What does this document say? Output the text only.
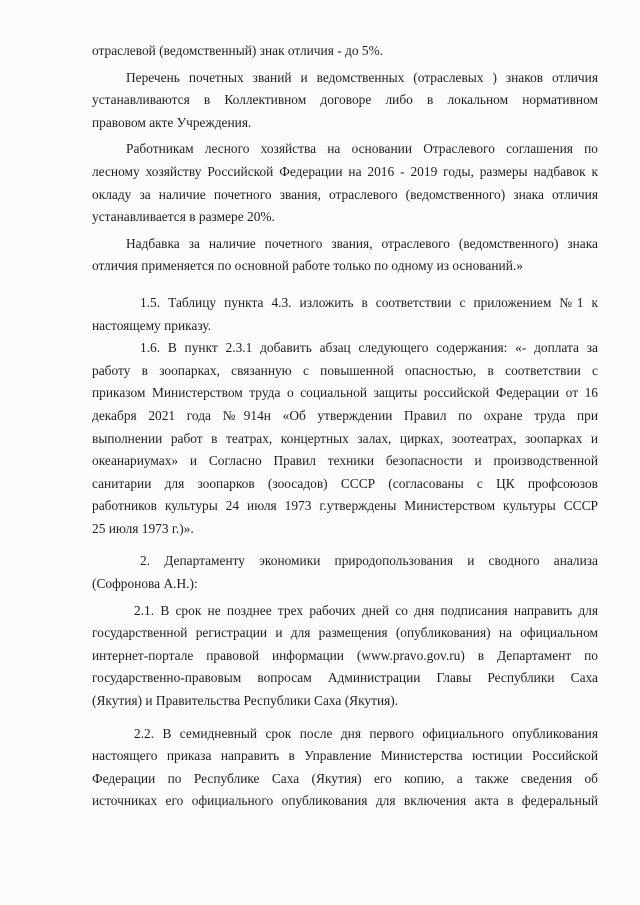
отраслевой (ведомственный) знак отличия - до 5%.

Перечень почетных званий и ведомственных (отраслевых ) знаков отличия
устанавливаются в Коллективном договоре либо в локальном нормативном
правовом акте Учреждения.

Работникам лесного хозяйства на основании Отраслевого соглашения по
лесному хозяйству Российской Федерации на 2016 - 2019 годы, размеры надбавок к
окладу за наличие почетного звания, отраслевого (ведомственного) знака отличия
устанавливается в размере 20%.

Надбавка за наличие почетного звания, отраслевого (ведомственного) знака
отличия применяется по основной работе только по одному из оснований.»

1.5. Таблицу пункта 4.3. изложить в соответствии с приложением №1 к
настоящему приказу.

1.6. В пункт 2.3.1 добавить абзац следующего содержания: «- доплата за
работу в зоопарках, связанную с повышенной опасностью, в соответствии с
приказом Министерством труда о социальной защиты российской Федерации от 16
декабря 2021 года №914н «Об утверждении Правил по охране труда при
выполнении работ в театрах, концертных залах, цирках, зоотеатрах, зоопарках и
океанариумах» и Согласно Правил техники безопасности и производственной
санитарии для зоопарков (зоосадов) СССР (согласованы с ЦК профсоюзов
работников культуры 24 июля 1973 г.утверждены Министерством культуры СССР
25 июля 1973 г.)».

2. Департаменту экономики природопользования и сводного анализа
(Софронова А.Н.):

2.1. В срок не позднее трех рабочих дней со дня подписания направить для
государственной регистрации и для размещения (опубликования) на официальном
интернет-портале правовой информации (www.pravo.gov.ru) в Департамент по
государственно-правовым вопросам Администрации Главы Республики Саха
(Якутия) и Правительства Республики Саха (Якутия).

2.2. В семидневный срок после дня первого официального опубликования
настоящего приказа направить в Управление Министерства юстиции Российской
Федерации по Республике Саха (Якутия) его копию, а также сведения об
источниках его официального опубликования для включения акта в федеральный
